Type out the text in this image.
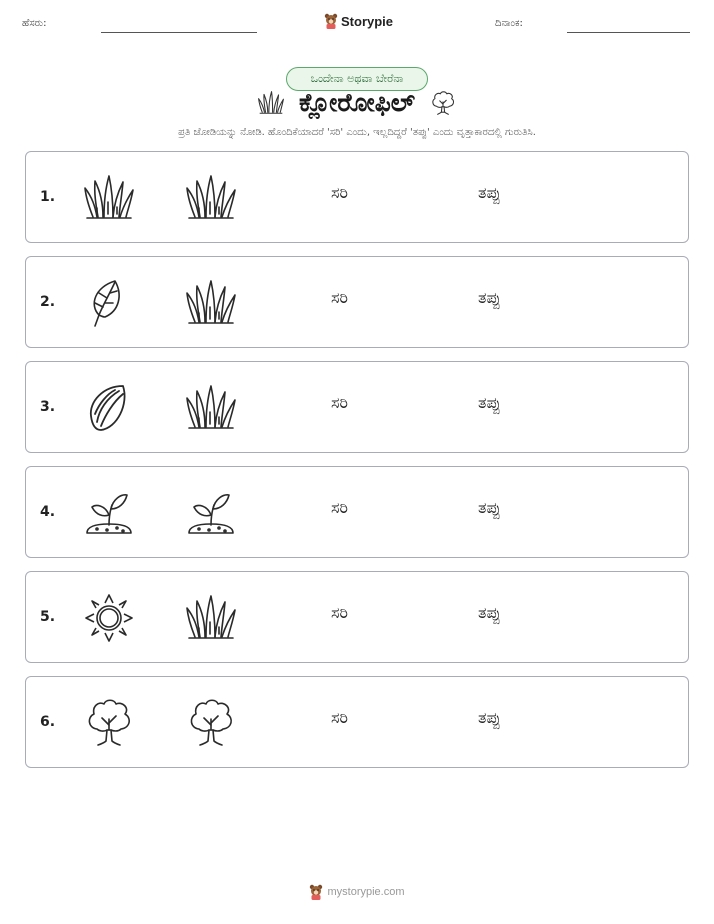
ಹೆಸರು:	Storypie	ದಿನಾಂಕ:
ಒಂದೇನಾ ಅಥವಾ ಬೇರೆನಾ
ಕ್ಲೋರೋಫಿಲ್
ಪ್ರತಿ ಜೋಡಿಯನ್ನು ನೋಡಿ. ಹೊಂದಿಕೆಯಾದರೆ 'ಸರಿ' ಎಂದು, ಇಲ್ಲದಿದ್ದರೆ 'ತಪ್ಪು' ಎಂದು ವೃತ್ತಾಕಾರದಲ್ಲಿ ಗುರುತಿಸಿ.
1.	ಸರಿ	ತಪ್ಪು
2.	ಸರಿ	ತಪ್ಪು
3.	ಸರಿ	ತಪ್ಪು
4.	ಸರಿ	ತಪ್ಪು
5.	ಸರಿ	ತಪ್ಪು
6.	ಸರಿ	ತಪ್ಪು
mystorypie.com
